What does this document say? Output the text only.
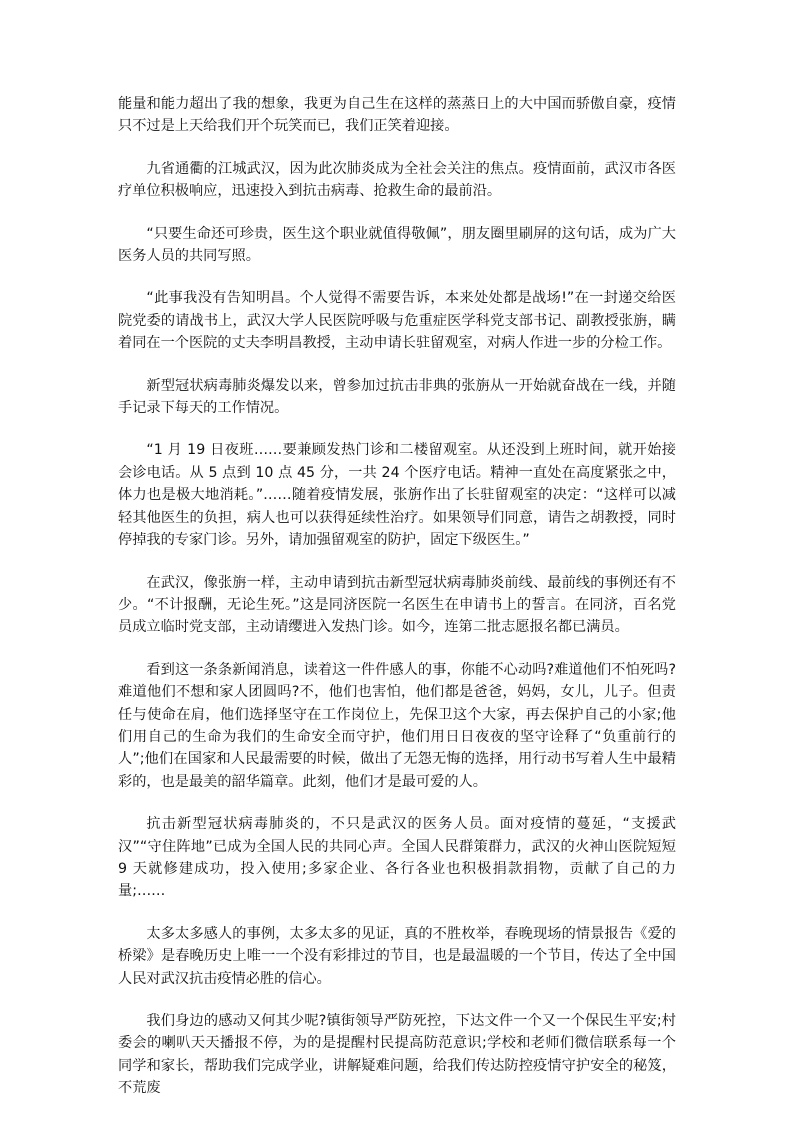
能量和能力超出了我的想象，我更为自己生在这样的蒸蒸日上的大中国而骄傲自豪，疫情只不过是上天给我们开个玩笑而已，我们正笑着迎接。

九省通衢的江城武汉，因为此次肺炎成为全社会关注的焦点。疫情面前，武汉市各医疗单位积极响应，迅速投入到抗击病毒、抢救生命的最前沿。

“只要生命还可珍贵，医生这个职业就值得敬佩”，朋友圈里刷屏的这句话，成为广大医务人员的共同写照。

“此事我没有告知明昌。个人觉得不需要告诉，本来处处都是战场!”在一封递交给医院党委的请战书上，武汉大学人民医院呼吸与危重症医学科党支部书记、副教授张旃，瞒着同在一个医院的丈夫李明昌教授，主动申请长驻留观室，对病人作进一步的分检工作。

新型冠状病毒肺炎爆发以来，曾参加过抗击非典的张旃从一开始就奋战在一线，并随手记录下每天的工作情况。

“1 月 19 日夜班……要兼顾发热门诊和二楼留观室。从还没到上班时间，就开始接会诊电话。从 5 点到 10 点 45 分，一共 24 个医疗电话。精神一直处在高度紧张之中，体力也是极大地消耗。”……随着疫情发展，张旃作出了长驻留观室的决定：“这样可以减轻其他医生的负担，病人也可以获得延续性治疗。如果领导们同意，请告之胡教授，同时停掉我的专家门诊。另外，请加强留观室的防护，固定下级医生。”

在武汉，像张旃一样，主动申请到抗击新型冠状病毒肺炎前线、最前线的事例还有不少。“不计报酬，无论生死。”这是同济医院一名医生在申请书上的誓言。在同济，百名党员成立临时党支部，主动请缨进入发热门诊。如今，连第二批志愿报名都已满员。

看到这一条条新闻消息，读着这一件件感人的事，你能不心动吗?难道他们不怕死吗?难道他们不想和家人团圆吗?不，他们也害怕，他们都是爸爸，妈妈，女儿，儿子。但责任与使命在肩，他们选择坚守在工作岗位上，先保卫这个大家，再去保护自己的小家;他们用自己的生命为我们的生命安全而守护，他们用日日夜夜的坚守诠释了“负重前行的人”;他们在国家和人民最需要的时候，做出了无怨无悔的选择，用行动书写着人生中最精彩的，也是最美的韶华篇章。此刻，他们才是最可爱的人。

抗击新型冠状病毒肺炎的，不只是武汉的医务人员。面对疫情的蔓延，“支援武汉”“守住阵地”已成为全国人民的共同心声。全国人民群策群力，武汉的火神山医院短短 9 天就修建成功，投入使用;多家企业、各行各业也积极捐款捐物，贡献了自己的力量;……

太多太多感人的事例，太多太多的见证，真的不胜枚举，春晚现场的情景报告《爱的桥梁》是春晚历史上唯一一个没有彩排过的节目，也是最温暖的一个节目，传达了全中国人民对武汉抗击疫情必胜的信心。

我们身边的感动又何其少呢?镇街领导严防死控，下达文件一个又一个保民生平安;村委会的喇叭天天播报不停，为的是提醒村民提高防范意识;学校和老师们微信联系每一个同学和家长，帮助我们完成学业，讲解疑难问题，给我们传达防控疫情守护安全的秘笈，不荒废
